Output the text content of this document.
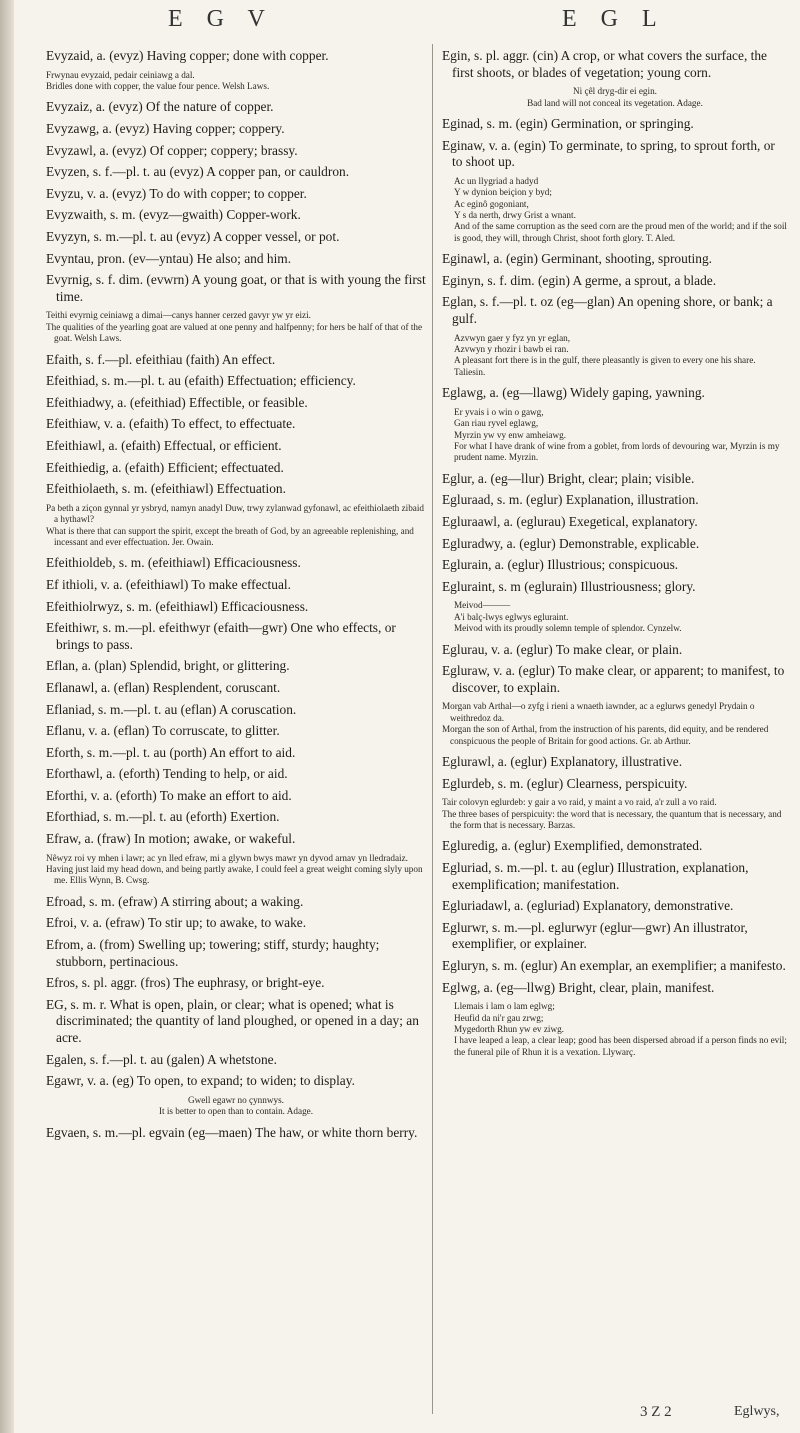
E G V	E G L
Evyzaid, a. (evyz) Having copper; done with copper.
Frwynau evyzaid, pedair ceiniawg a dal.
Bridles done with copper, the value four pence. Welsh Laws.
Evyzaiz, a. (evyz) Of the nature of copper.
Evyzawg, a. (evyz) Having copper; coppery.
Evyzawl, a. (evyz) Of copper; coppery; brassy.
Evyzen, s. f.—pl. t. au (evyz) A copper pan, or cauldron.
Evyzu, v. a. (evyz) To do with copper; to copper.
Evyzwaith, s. m. (evyz—gwaith) Copper-work.
Evyzyn, s. m.—pl. t. au (evyz) A copper vessel, or pot.
Evyntau, pron. (ev—yntau) He also; and him.
Evyrnig, s. f. dim. (evwrn) A young goat, or that is with young the first time.
Teithi evyrnig ceiniawg a dimai—canys hanner cerzed gavyr yw yr eizi.
The qualities of the yearling goat are valued at one penny and halfpenny; for hers be half of that of the goat. Welsh Laws.
Efaith, s. f.—pl. efeithiau (faith) An effect.
Efeithiad, s. m.—pl. t. au (efaith) Effectuation; efficiency.
Efeithiadwy, a. (efeithiad) Effectible, or feasible.
Efeithiaw, v. a. (efaith) To effect, to effectuate.
Efeithiawl, a. (efaith) Effectual, or efficient.
Efeithiedig, a. (efaith) Efficient; effectuated.
Efeithiolaeth, s. m. (efeithiawl) Effectuation.
Pa beth a ziçon gynnal yr ysbryd, namyn anadyl Duw, trwy zylanwad gyfonawl, ac efeithiolaeth zibaid a hythawl?
What is there that can support the spirit, except the breath of God, by an agreeable replenishing, and incessant and ever effectuation. Jer. Owain.
Efeithioldeb, s. m. (efeithiawl) Efficaciousness.
Ef ithioli, v. a. (efeithiawl) To make effectual.
Efeithiolrwyz, s. m. (efeithiawl) Efficaciousness.
Efeithiwr, s. m.—pl. efeithwyr (efaith—gwr) One who effects, or brings to pass.
Eflan, a. (plan) Splendid, bright, or glittering.
Eflanawl, a. (eflan) Resplendent, coruscant.
Eflaniad, s. m.—pl. t. au (eflan) A coruscation.
Eflanu, v. a. (eflan) To corruscate, to glitter.
Eforth, s. m.—pl. t. au (porth) An effort to aid.
Eforthawl, a. (eforth) Tending to help, or aid.
Eforthi, v. a. (eforth) To make an effort to aid.
Eforthiad, s. m.—pl. t. au (eforth) Exertion.
Efraw, a. (fraw) In motion; awake, or wakeful.
Nêwyz roi vy mhen i lawr; ac yn lled efraw, mi a glywn bwys mawr yn dyvod arnav yn lledradaiz.
Having just laid my head down, and being partly awake, I could feel a great weight coming slyly upon me. Ellis Wynn, B. Cwsg.
Efroad, s. m. (efraw) A stirring about; a waking.
Efroi, v. a. (efraw) To stir up; to awake, to wake.
Efrom, a. (from) Swelling up; towering; stiff, sturdy; haughty; stubborn, pertinacious.
Efros, s. pl. aggr. (fros) The euphrasy, or bright-eye.
EG, s. m. r. What is open, plain, or clear; what is opened; what is discriminated; the quantity of land ploughed, or opened in a day; an acre.
Egalen, s. f.—pl. t. au (galen) A whetstone.
Egawr, v. a. (eg) To open, to expand; to widen; to display.
Gwell egawr no çynnwys.
It is better to open than to contain. Adage.
Egvaen, s. m.—pl. egvain (eg—maen) The haw, or white thorn berry.
Egin, s. pl. aggr. (cin) A crop, or what covers the surface, the first shoots, or blades of vegetation; young corn.
Ni çêl dryg-dir ei egin.
Bad land will not conceal its vegetation. Adage.
Eginad, s. m. (egin) Germination, or springing.
Eginaw, v. a. (egin) To germinate, to spring, to sprout forth, or to shoot up.
Ac un llygriad a hadyd
Y w dynion beiçion y byd;
Ac eginô gogoniant,
Y s da nerth, drwy Grist a wnant.
And of the same corruption as the seed corn are the proud men of the world; and if the soil is good, they will, through Christ, shoot forth glory. T. Aled.
Eginawl, a. (egin) Germinant, shooting, sprouting.
Eginyn, s. f. dim. (egin) A germe, a sprout, a blade.
Eglan, s. f.—pl. t. oz (eg—glan) An opening shore, or bank; a gulf.
Azvwyn gaer y fyz yn yr eglan,
Azvwyn y rhozir i bawb ei ran.
A pleasant fort there is in the gulf, there pleasantly is given to every one his share. Taliesin.
Eglawg, a. (eg—llawg) Widely gaping, yawning.
Er yvais i o win o gawg,
Gan riau ryvel eglawg,
Myrzin yw vy enw amheiawg.
For what I have drank of wine from a goblet, from lords of devouring war, Myrzin is my prudent name. Myrzin.
Eglur, a. (eg—llur) Bright, clear; plain; visible.
Egluraad, s. m. (eglur) Explanation, illustration.
Egluraawl, a. (eglurau) Exegetical, explanatory.
Egluradwy, a. (eglur) Demonstrable, explicable.
Eglurain, a. (eglur) Illustrious; conspicuous.
Egluraint, s. m (eglurain) Illustriousness; glory.
Meivod———
A'i balç-lwys eglwys egluraint.
Meivod with its proudly solemn temple of splendor. Cynzelw.
Eglurau, v. a. (eglur) To make clear, or plain.
Egluraw, v. a. (eglur) To make clear, or apparent; to manifest, to discover, to explain.
Morgan vab Arthal—o zyfg i rieni a wnaeth iawnder, ac a eglurws genedyl Prydain o weithredoz da.
Morgan the son of Arthal, from the instruction of his parents, did equity, and be rendered conspicuous the people of Britain for good actions. Gr. ab Arthur.
Eglurawl, a. (eglur) Explanatory, illustrative.
Eglurdeb, s. m. (eglur) Clearness, perspicuity.
Tair colovyn eglurdeb: y gair a vo raid, y maint a vo raid, a'r zull a vo raid.
The three bases of perspicuity: the word that is necessary, the quantum that is necessary, and the form that is necessary. Barzas.
Egluredig, a. (eglur) Exemplified, demonstrated.
Egluriad, s. m.—pl. t. au (eglur) Illustration, explanation, exemplification; manifestation.
Egluriadawl, a. (egluriad) Explanatory, demonstrative.
Eglurwr, s. m.—pl. eglurwyr (eglur—gwr) An illustrator, exemplifier, or explainer.
Egluryn, s. m. (eglur) An exemplar, an exemplifier; a manifesto.
Eglwg, a. (eg—llwg) Bright, clear, plain, manifest.
Llemais i lam o lam eglwg;
Heufid da ni'r gau zrwg;
Mygedorth Rhun yw ev ziwg.
I have leaped a leap, a clear leap; good has been dispersed abroad if a person finds no evil; the funeral pile of Rhun it is a vexation. Llywarç.
3 Z 2	Eglwys,
